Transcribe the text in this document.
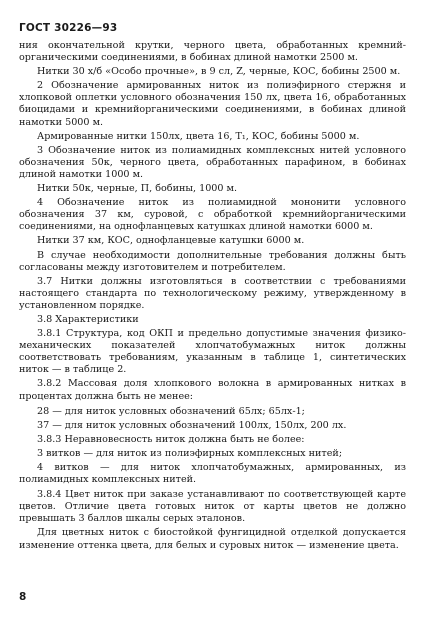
ГОСТ 30226—93

ния окончательной крутки, черного цвета, обработанных кремний-органическими соединениями, в бобинах длиной намотки 2500 м.

Нитки 30 х/б «Особо прочные», в 9 сл, Z, черные, КОС, бобины 2500 м.

2 Обозначение армированных ниток из полиэфирного стержня и хлопковой оплетки условного обозначения 150 лх, цвета 16, обработанных биоцидами и кремнийорганическими соединениями, в бобинах длиной намотки 5000 м.

Армированные нитки 150лх, цвета 16, T₁, КОС, бобины 5000 м.

3 Обозначение ниток из полиамидных комплексных нитей условного обозначения 50к, черного цвета, обработанных парафином, в бобинах длиной намотки 1000 м.

Нитки 50к, черные, П, бобины, 1000 м.

4 Обозначение ниток из полиамидной мононити условного обозначения 37 км, суровой, с обработкой кремнийорганическими соединениями, на однофланцевых катушках длиной намотки 6000 м.

Нитки 37 км, КОС, однофланцевые катушки 6000 м.

В случае необходимости дополнительные требования должны быть согласованы между изготовителем и потребителем.

3.7 Нитки должны изготовляться в соответствии с требованиями настоящего стандарта по технологическому режиму, утвержденному в установленном порядке.

3.8 Характеристики

3.8.1 Структура, код ОКП и предельно допустимые значения физико-механических показателей хлопчатобумажных ниток должны соответствовать требованиям, указанным в таблице 1, синтетических ниток — в таблице 2.

3.8.2 Массовая доля хлопкового волокна в армированных нитках в процентах должна быть не менее:

28 — для ниток условных обозначений 65лх; 65лх-1;

37 — для ниток условных обозначений 100лх, 150лх, 200 лх.

3.8.3 Неравновесность ниток должна быть не более:

3 витков — для ниток из полиэфирных комплексных нитей;

4 витков — для ниток хлопчатобумажных, армированных, из полиамидных комплексных нитей.

3.8.4 Цвет ниток при заказе устанавливают по соответствующей карте цветов. Отличие цвета готовых ниток от карты цветов не должно превышать 3 баллов шкалы серых эталонов.

Для цветных ниток с биостойкой фунгицидной отделкой допускается изменение оттенка цвета, для белых и суровых ниток — изменение цвета.

8
